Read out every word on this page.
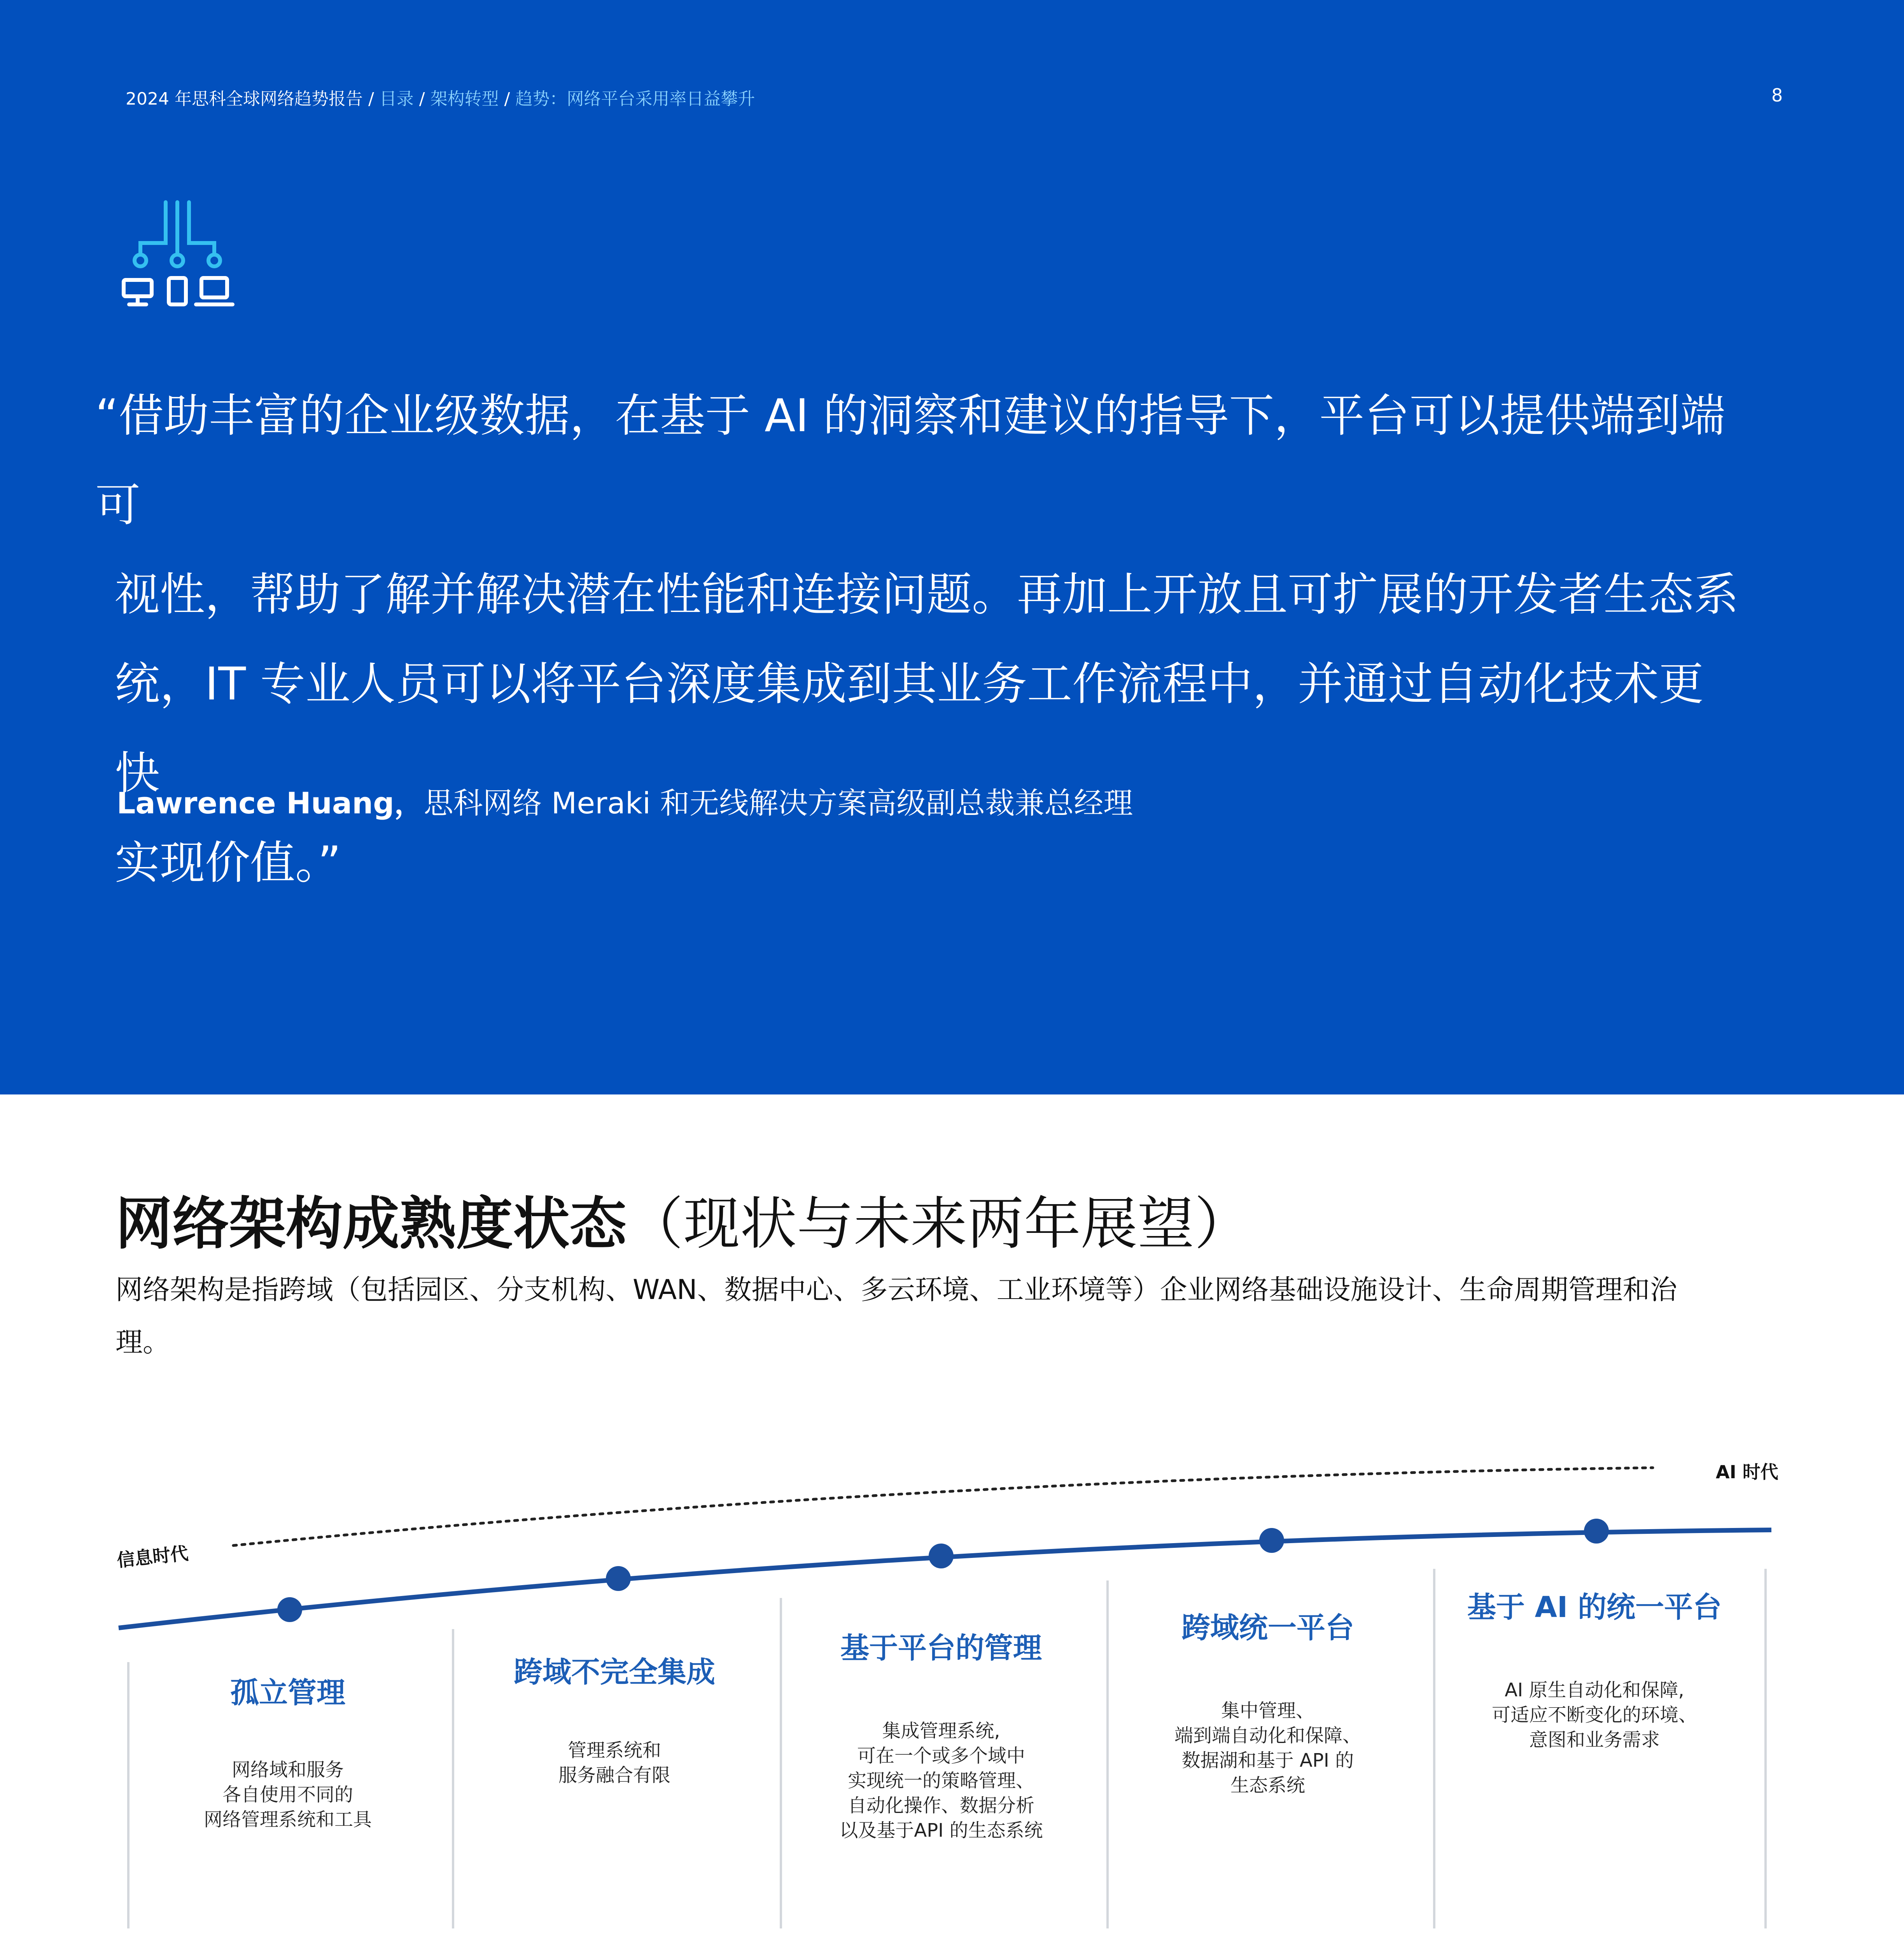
2024 年思科全球网络趋势报告 / 目录 / 架构转型 / 趋势：网络平台采用率日益攀升	8
“借助丰富的企业级数据，在基于 AI 的洞察和建议的指导下，平台可以提供端到端可
视性，帮助了解并解决潜在性能和连接问题。再加上开放且可扩展的开发者生态系
统，IT 专业人员可以将平台深度集成到其业务工作流程中，并通过自动化技术更快
实现价值。”
Lawrence Huang，思科网络 Meraki 和无线解决方案高级副总裁兼总经理
网络架构成熟度状态（现状与未来两年展望）
网络架构是指跨域（包括园区、分支机构、WAN、数据中心、多云环境、工业环境等）企业网络基础设施设计、生命周期管理和治理。
信息时代
AI 时代
孤立管理
网络域和服务
各自使用不同的
网络管理系统和工具
跨域不完全集成
管理系统和
服务融合有限
基于平台的管理
集成管理系统,
可在一个或多个域中
实现统一的策略管理、
自动化操作、数据分析
以及基于API 的生态系统
跨域统一平台
集中管理、
端到端自动化和保障、
数据湖和基于 API 的
生态系统
基于 AI 的统一平台
AI 原生自动化和保障,
可适应不断变化的环境、
意图和业务需求
